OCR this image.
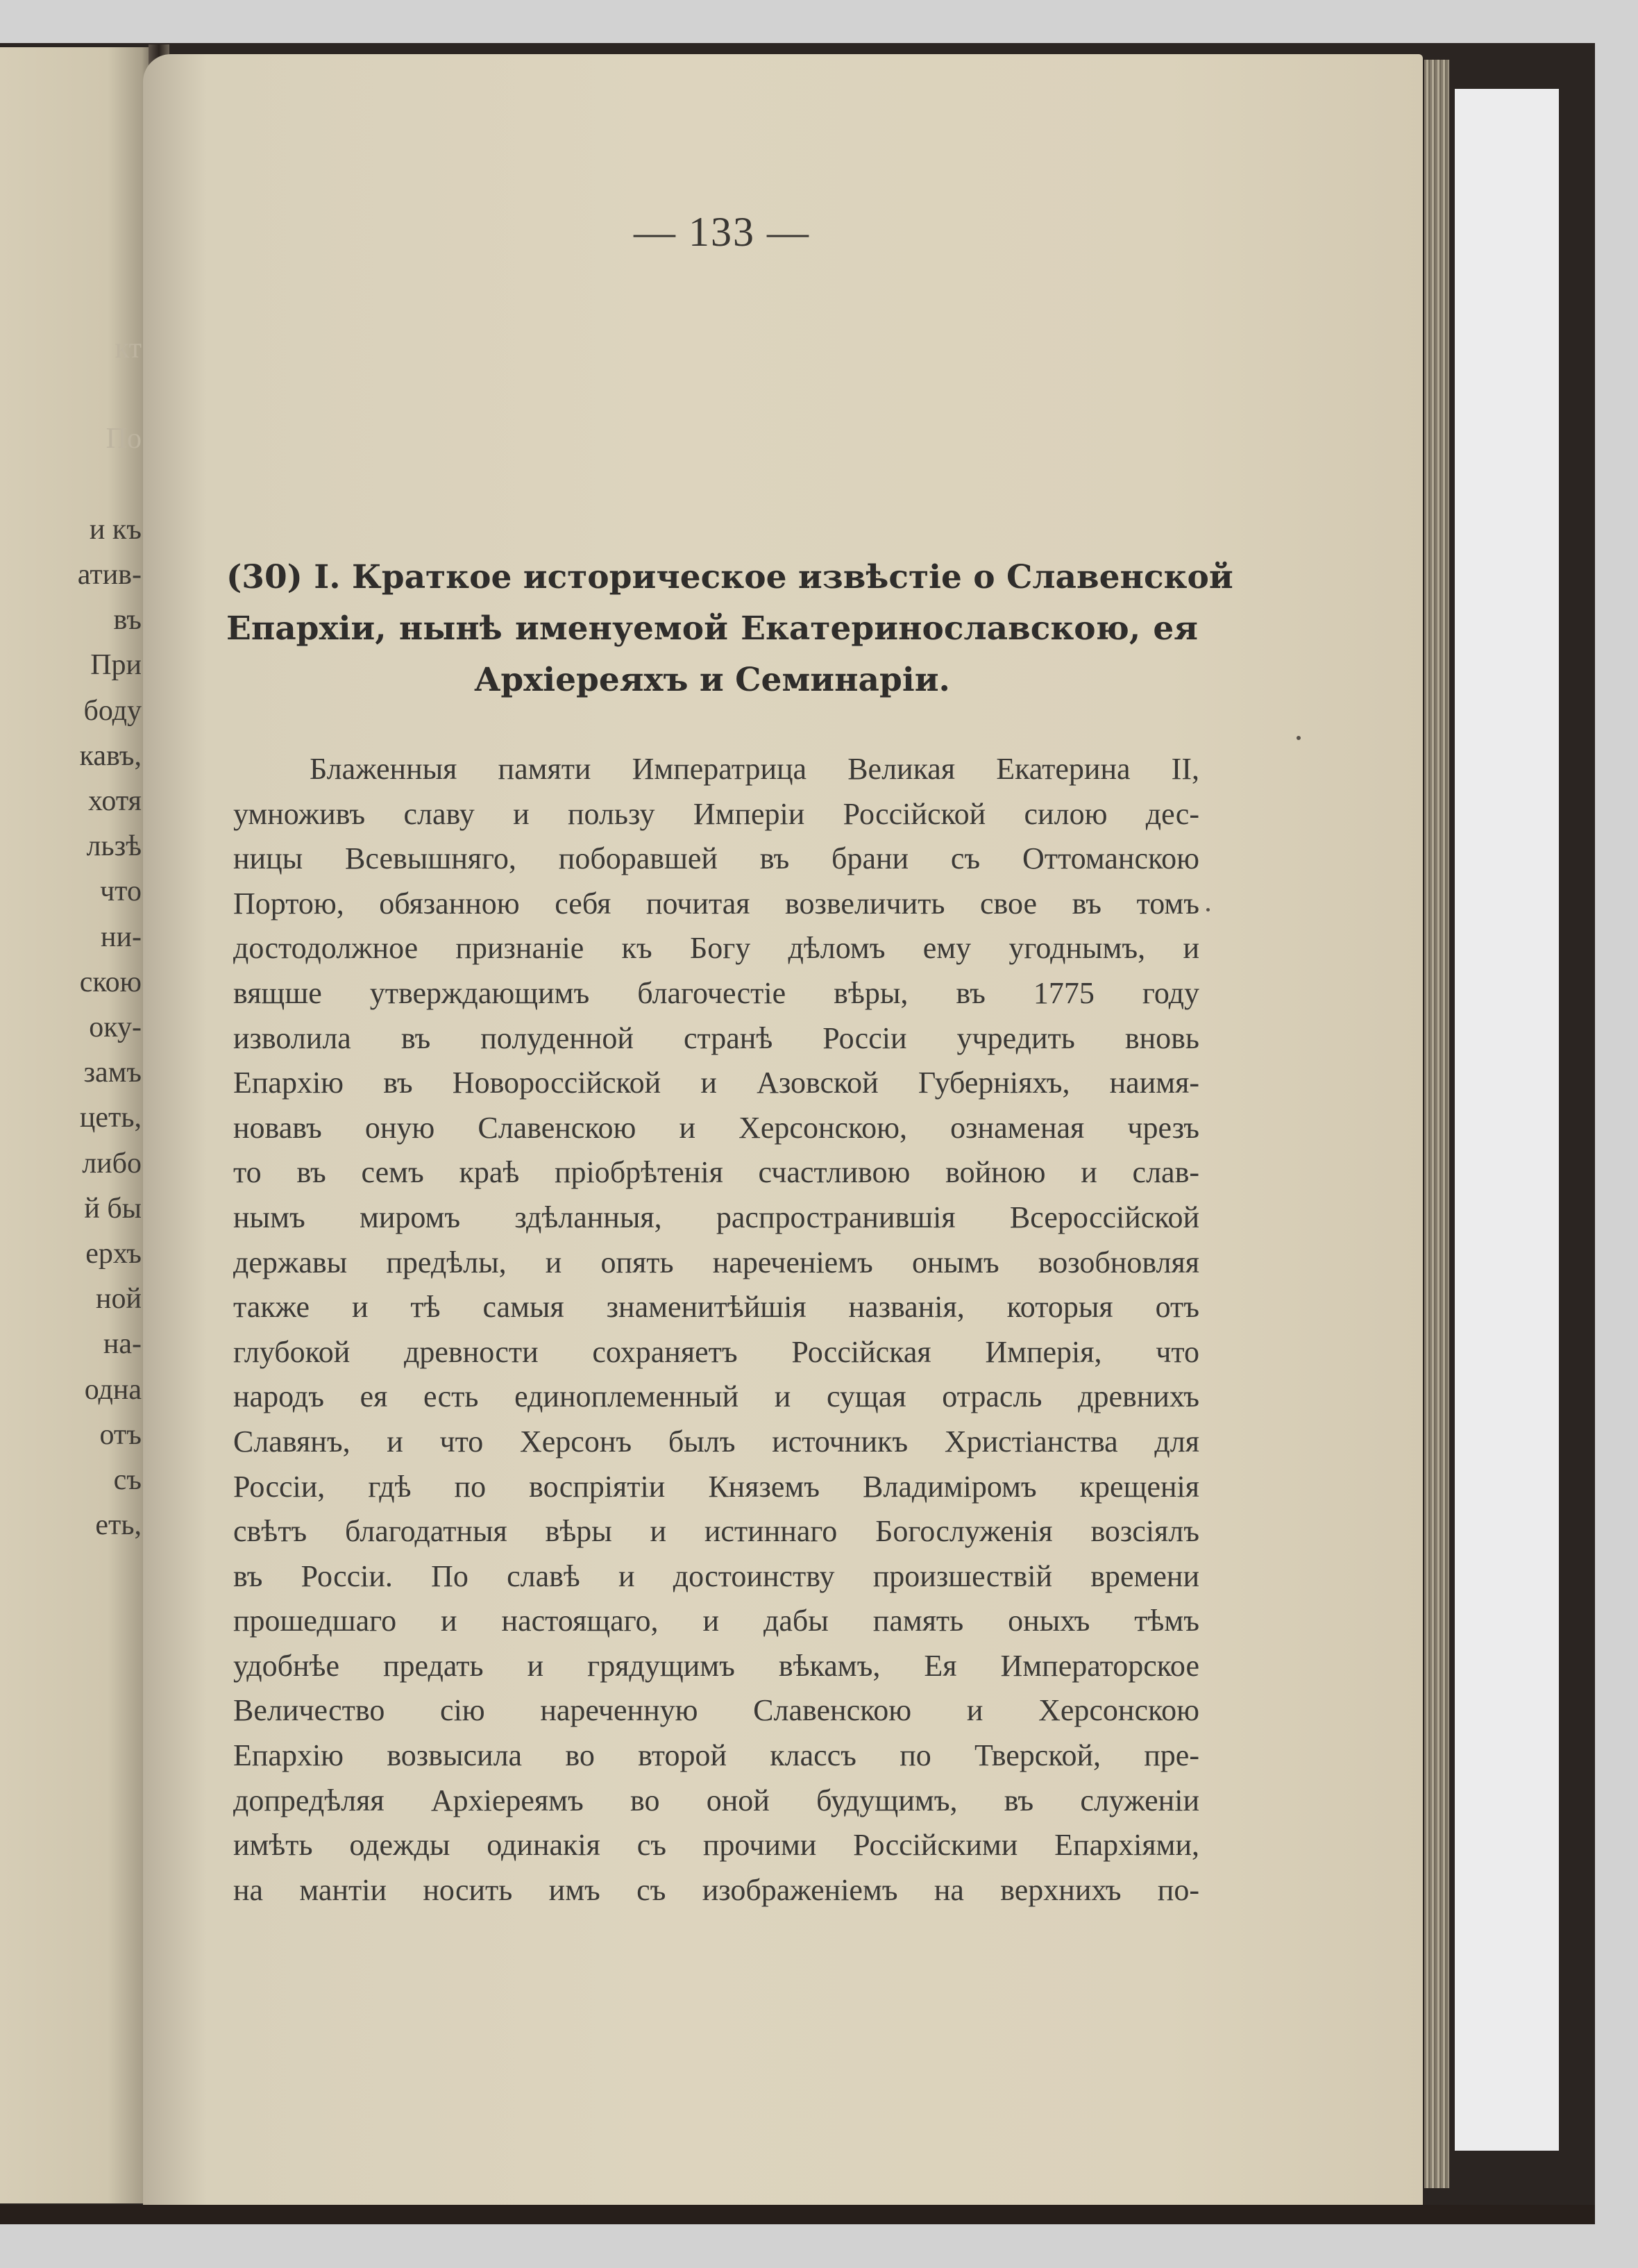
кт
По
и къ
атив-
въ
При
боду
кавъ,
хотя
льзѣ
что
ни-
скою
оку-
замъ
цеть,
либо
й бы
ерхъ
ной
на-
одна
отъ
съ
еть,
— 133 —
(30) I. Краткое историческое извѣстіе о Славенской
Епархіи, нынѣ именуемой Екатеринославскою, ея
Архіереяхъ и Семинаріи.
Блаженныя памяти Императрица Великая Екатерина II,
умноживъ славу и пользу Имперіи Россійской силою дес-
ницы Всевышняго, поборавшей въ брани съ Оттоманскою
Портою, обязанною себя почитая возвеличить свое въ томъ
достодолжное признаніе къ Богу дѣломъ ему угоднымъ, и
вящше утверждающимъ благочестіе вѣры, въ 1775 году
изволила въ полуденной странѣ Россіи учредить вновь
Епархію въ Новороссійской и Азовской Губерніяхъ, наимя-
новавъ оную Славенскою и Херсонскою, ознаменая чрезъ
то въ семъ краѣ пріобрѣтенія счастливою войною и слав-
нымъ миромъ здѣланныя, распространившія Всероссійской
державы предѣлы, и опять нареченіемъ онымъ возобновляя
также и тѣ самыя знаменитѣйшія названія, которыя отъ
глубокой древности сохраняетъ Россійская Имперія, что
народъ ея есть единоплеменный и сущая отрасль древнихъ
Славянъ, и что Херсонъ былъ источникъ Христіанства для
Россіи, гдѣ по воспріятіи Княземъ Владиміромъ крещенія
свѣтъ благодатныя вѣры и истиннаго Богослуженія возсіялъ
въ Россіи. По славѣ и достоинству произшествій времени
прошедшаго и настоящаго, и дабы память оныхъ тѣмъ
удобнѣе предать и грядущимъ вѣкамъ, Ея Императорское
Величество сію нареченную Славенскою и Херсонскою
Епархію возвысила во второй классъ по Тверской, пре-
допредѣляя Архіереямъ во оной будущимъ, въ служеніи
имѣть одежды одинакія съ прочими Россійскими Епархіями,
на мантіи носить имъ съ изображеніемъ на верхнихъ по-
